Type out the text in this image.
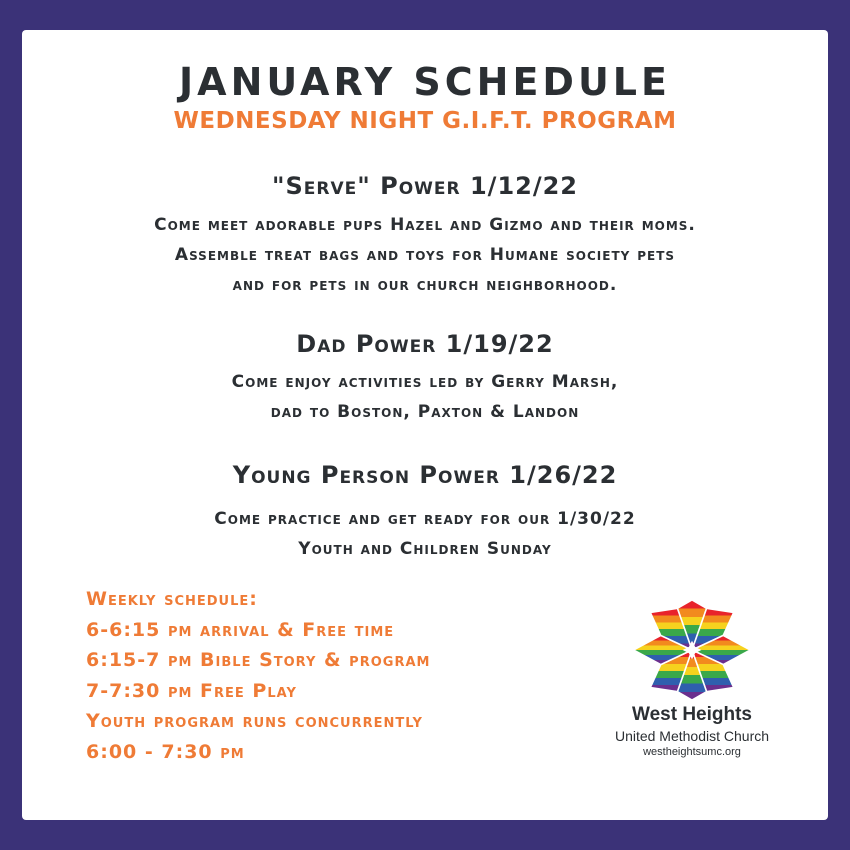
JANUARY SCHEDULE
WEDNESDAY NIGHT G.I.F.T. PROGRAM
"Serve" Power 1/12/22
Come meet adorable pups Hazel and Gizmo and their moms.
Assemble treat bags and toys for Humane society pets
and for pets in our church neighborhood.
Dad Power 1/19/22
Come enjoy activities led by Gerry Marsh,
dad to Boston, Paxton & Landon
Young Person Power 1/26/22
Come practice and get ready for our 1/30/22
Youth and Children Sunday
Weekly schedule:
6-6:15 pm arrival & Free time
6:15-7 pm Bible Story & program
7-7:30 pm Free Play
Youth program runs concurrently
6:00 - 7:30 pm
West Heights
United Methodist Church
westheightsumc.org
